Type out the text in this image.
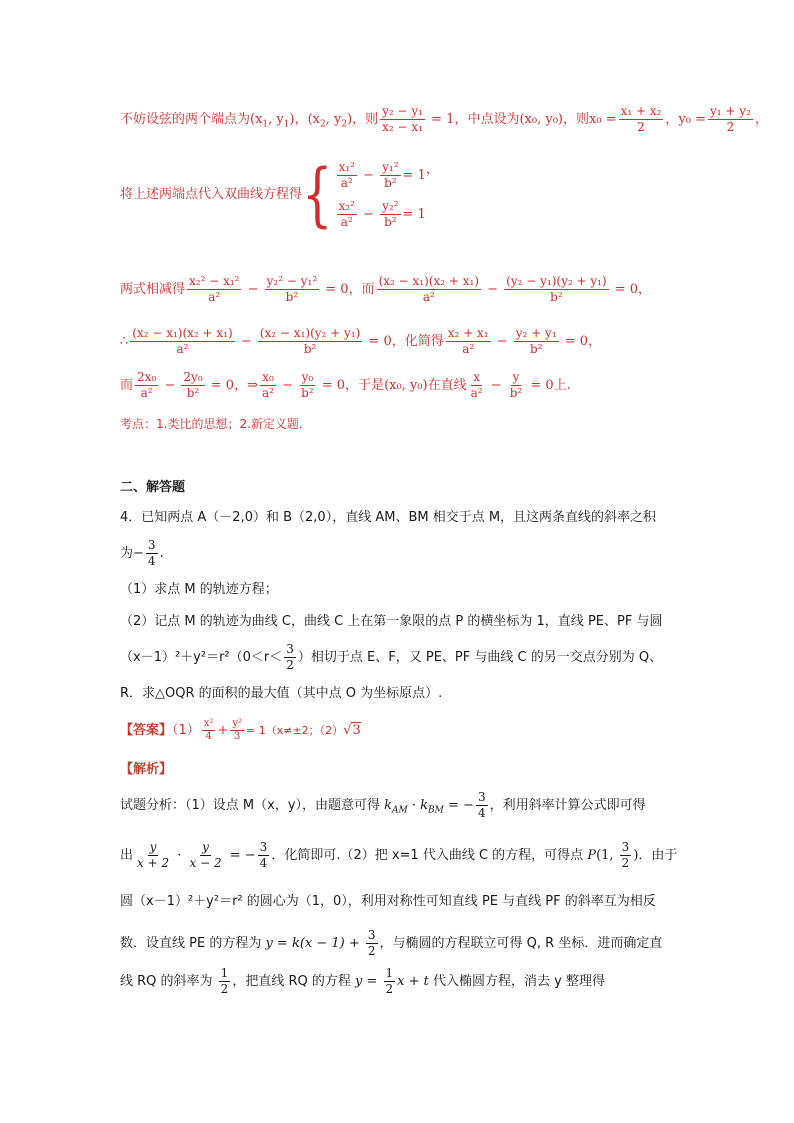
不妨设弦的两个端点为($x_1$, $y_1$)，($x_2$, $y_2$)，则 $\frac{\text{y₂ − y₁}}{\text{x₂ − x₁}} = 1$，中点设为(x₀, y₀)，则$x_0 = \frac{\text{x₁ + x₂}}{2}$ ，$y_0 = \frac{\text{y₁ + y₂}}{2}$ ，
将上述两端点代入双曲线方程得{ $\frac{\text{x₁²}}{\text{a²}} - \frac{\text{y₁²}}{\text{b²}} = 1$
$\frac{\text{x₂²}}{\text{a²}} - \frac{\text{y₂²}}{\text{b²}} = 1$
，
两式相减得 $\frac{\text{x₂² − x₁²}}{\text{a²}} - \frac{\text{y₂² − y₁²}}{\text{b²}} = 0$，而 $\frac{\text{(x₂ − x₁)(x₂ + x₁)}}{\text{a²}} - \frac{\text{(y₂ − y₁)(y₂ + y₁)}}{\text{b²}} = 0$，
∴ $\frac{\text{(x₂ − x₁)(x₂ + x₁)}}{\text{a²}} - \frac{\text{(x₂ − x₁)(y₂ + y₁)}}{\text{b²}} = 0$，化简得 $\frac{\text{x₂ + x₁}}{\text{a²}} - \frac{\text{y₂ + y₁}}{\text{b²}} = 0$，
而 $\frac{\text{2x₀}}{\text{a²}} - \frac{\text{2y₀}}{\text{b²}} = 0$，⇒ $\frac{\text{x₀}}{\text{a²}} - \frac{\text{y₀}}{\text{b²}} = 0$，于是(x₀, y₀)在直线 $\frac{x}{\text{a²}} - \frac{y}{\text{b²}} = 0$上.
考点：1.类比的思想；2.新定义题.
二、解答题
4．已知两点 A（－2,0）和 B（2,0），直线 AM、BM 相交于点 M，且这两条直线的斜率之积
为− $\frac{3}{4}$ .
（1）求点 M 的轨迹方程；
（2）记点 M 的轨迹为曲线 C，曲线 C 上在第一象限的点 P 的横坐标为 1，直线 PE、PF 与圆
$(x-1)^2+y^2=r^2(0<r< \frac{3}{2}$ ）相切于点 E、F，又 PE、PF 与曲线 C 的另一交点分别为 Q、
R．求△OQR 的面积的最大值（其中点 O 为坐标原点）.
【答案】$(1) \frac{\text{x²}}{4} + \frac{\text{y²}}{3} = 1(x\ne\pm 2$；（2）√3
【解析】
试题分析：（1）设点 M（x，y），由题意可得 $k_{AM} \cdot k_{BM}$ = − $\frac{3}{4}$ ，利用斜率计算公式即可得
出 $\frac{y}{x + 2} \cdot \frac{y}{x - 2}$ = − $\frac{3}{4}$ ．化简即可.（2）把 x=1 代入曲线 C 的方程，可得点 P(1, $\frac{3}{2}$ )．由于
圆（x－1）²＋y²＝r² 的圆心为（1，0），利用对称性可知直线 PE 与直线 PF 的斜率互为相反
数．设直线 PE 的方程为 $y = k(x - 1) + \frac{3}{2}$ ，与椭圆的方程联立可得 Q, R 坐标．进而确定直
线 RQ 的斜率为 $\frac{1}{2}$ ，把直线 RQ 的方程 $y = \frac{1}{2}$ x + t 代入椭圆方程，消去 y 整理得
